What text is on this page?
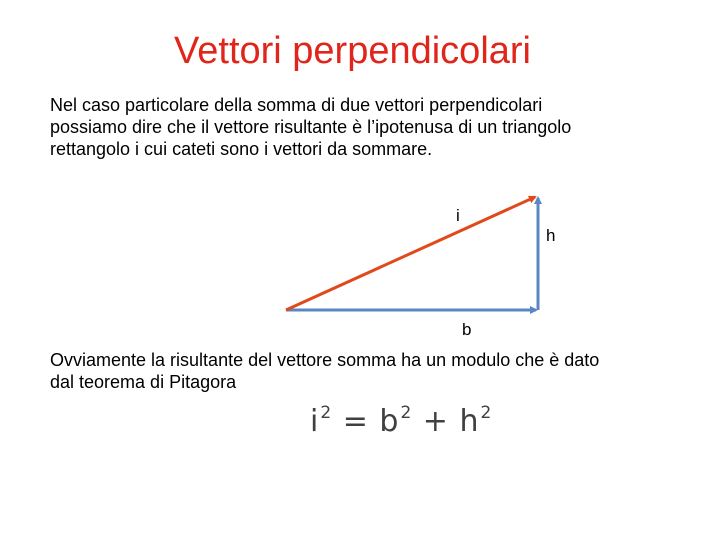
Vettori perpendicolari
Nel caso particolare della somma di due vettori perpendicolari
possiamo dire che il vettore risultante è l’ipotenusa di un triangolo
rettangolo i cui cateti sono i vettori da sommare.
i
h
b
Ovviamente la risultante del vettore somma ha un modulo che è dato
dal teorema di Pitagora
$i^2 = b^2 + h^2$
